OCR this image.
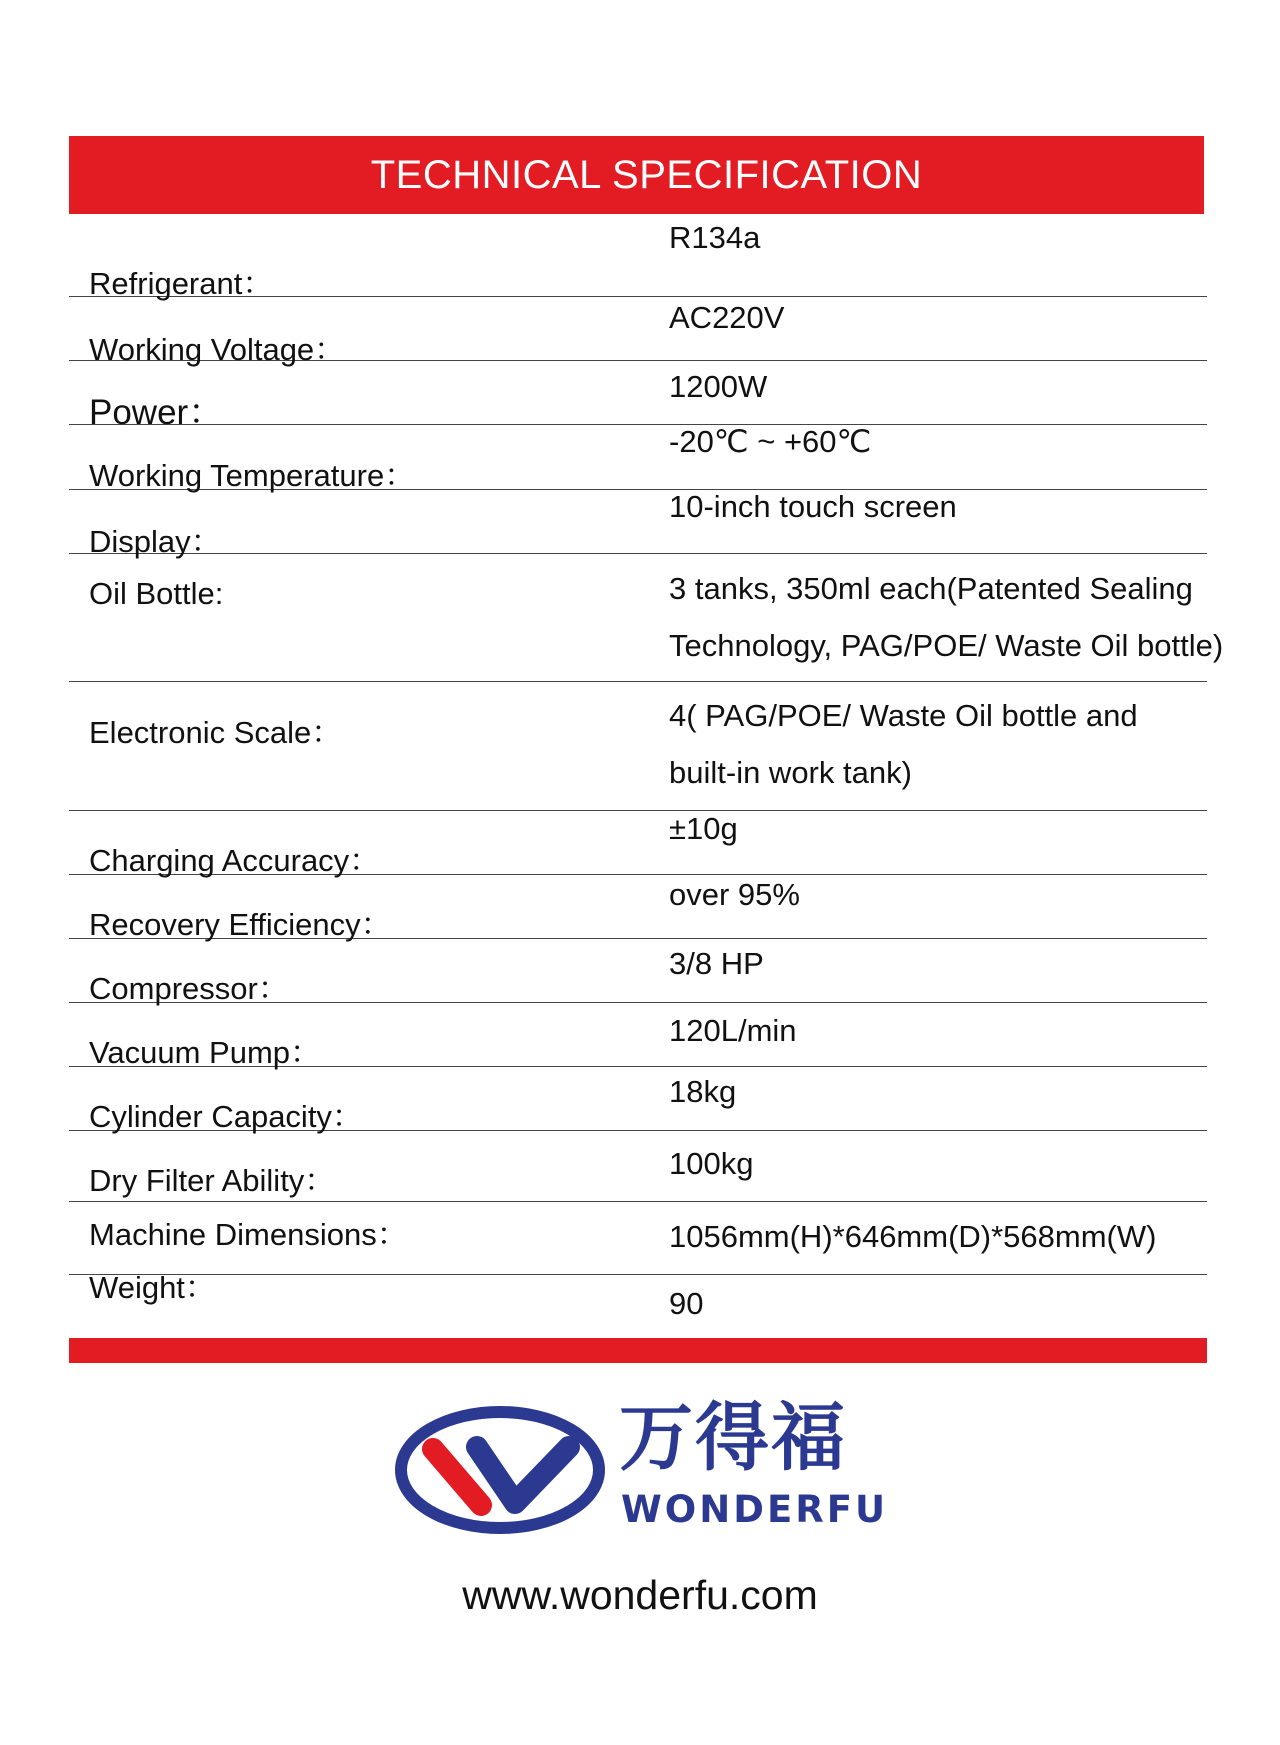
TECHNICAL SPECIFICATION
Refrigerant：
R134a
Working Voltage：
AC220V
Power：
1200W
Working Temperature：
-20℃ ~ +60℃
Display：
10-inch touch screen
Oil Bottle:	3 tanks, 350ml each(Patented Sealing
Technology, PAG/POE/ Waste Oil bottle)
Electronic Scale：	4( PAG/POE/ Waste Oil bottle and
built-in work tank)
Charging Accuracy：
±10g
Recovery Efficiency：
over 95%
Compressor：
3/8 HP
Vacuum Pump：
120L/min
Cylinder Capacity：
18kg
Dry Filter Ability：	100kg
Machine Dimensions：	1056mm(H)*646mm(D)*568mm(W)
Weight：	90
万得福
WONDERFU
www.wonderfu.com
